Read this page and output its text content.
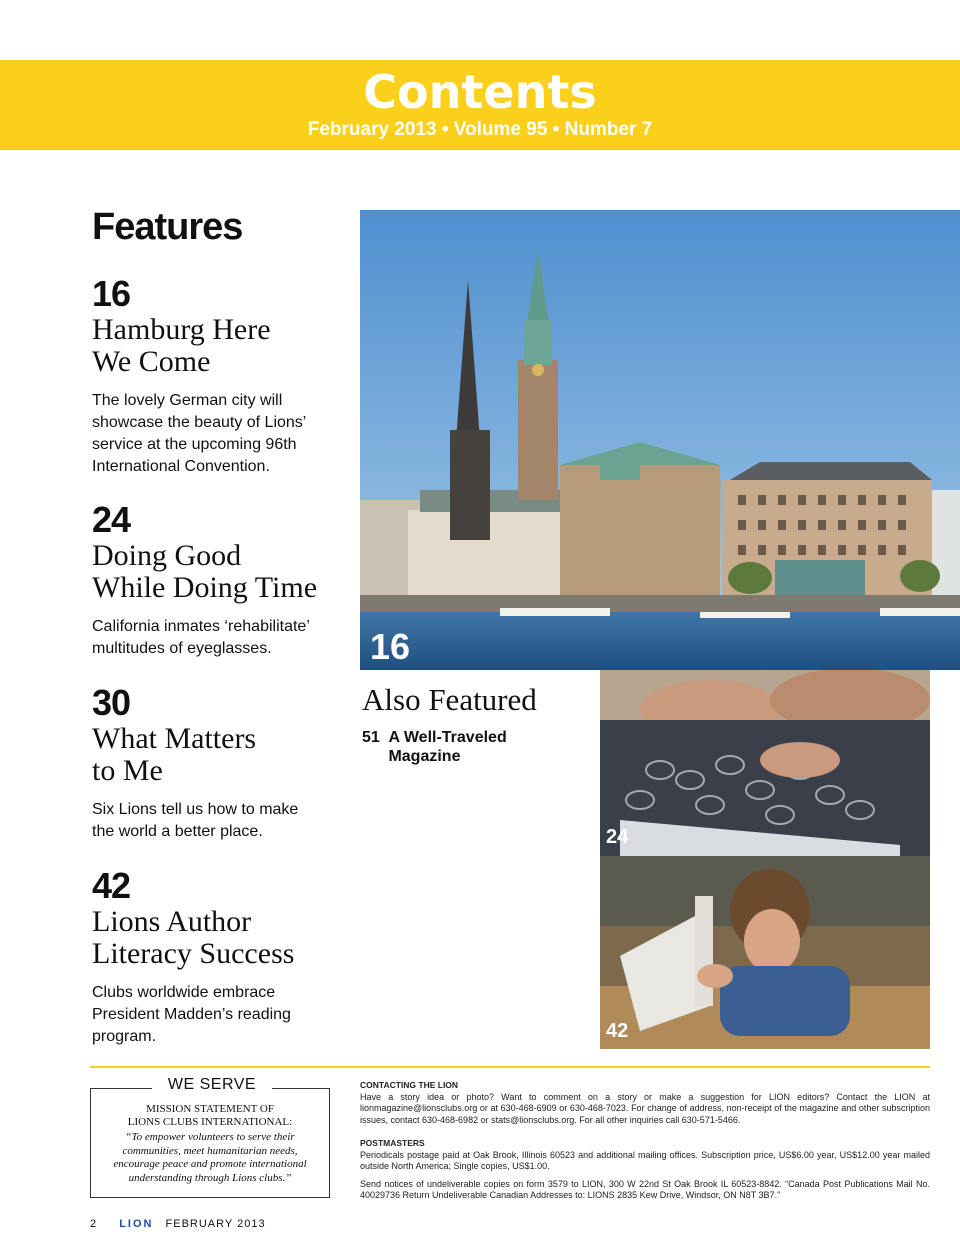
Contents
February 2013 • Volume 95 • Number 7
Features
16
Hamburg Here
We Come
The lovely German city will
showcase the beauty of Lions’
service at the upcoming 96th
International Convention.
24
Doing Good
While Doing Time
California inmates ‘rehabilitate’
multitudes of eyeglasses.
30
What Matters
to Me
Six Lions tell us how to make
the world a better place.
42
Lions Author
Literacy Success
Clubs worldwide embrace
President Madden’s reading
program.
16
Also Featured
51 A Well-Traveled Magazine
24
42
WE SERVE
MISSION STATEMENT OF
LIONS CLUBS INTERNATIONAL:
“To empower volunteers to serve their communities, meet humanitarian needs, encourage peace and promote international understanding through Lions clubs.”
CONTACTING THE LION
Have a story idea or photo? Want to comment on a story or make a suggestion for LION editors? Contact the LION at lionmagazine@lionsclubs.org or at 630-468-6909 or 630-468-7023. For change of address, non-receipt of the magazine and other subscription issues, contact 630-468-6982 or stats@lionsclubs.org. For all other inquiries call 630-571-5466.
POSTMASTERS
Periodicals postage paid at Oak Brook, Illinois 60523 and additional mailing offices. Subscription price, US$6.00 year, US$12.00 year mailed outside North America; Single copies, US$1.00.
Send notices of undeliverable copies on form 3579 to LION, 300 W 22nd St Oak Brook IL 60523-8842. “Canada Post Publications Mail No. 40029736 Return Undeliverable Canadian Addresses to: LIONS 2835 Kew Drive, Windsor, ON N8T 3B7.”
2 LION FEBRUARY 2013
